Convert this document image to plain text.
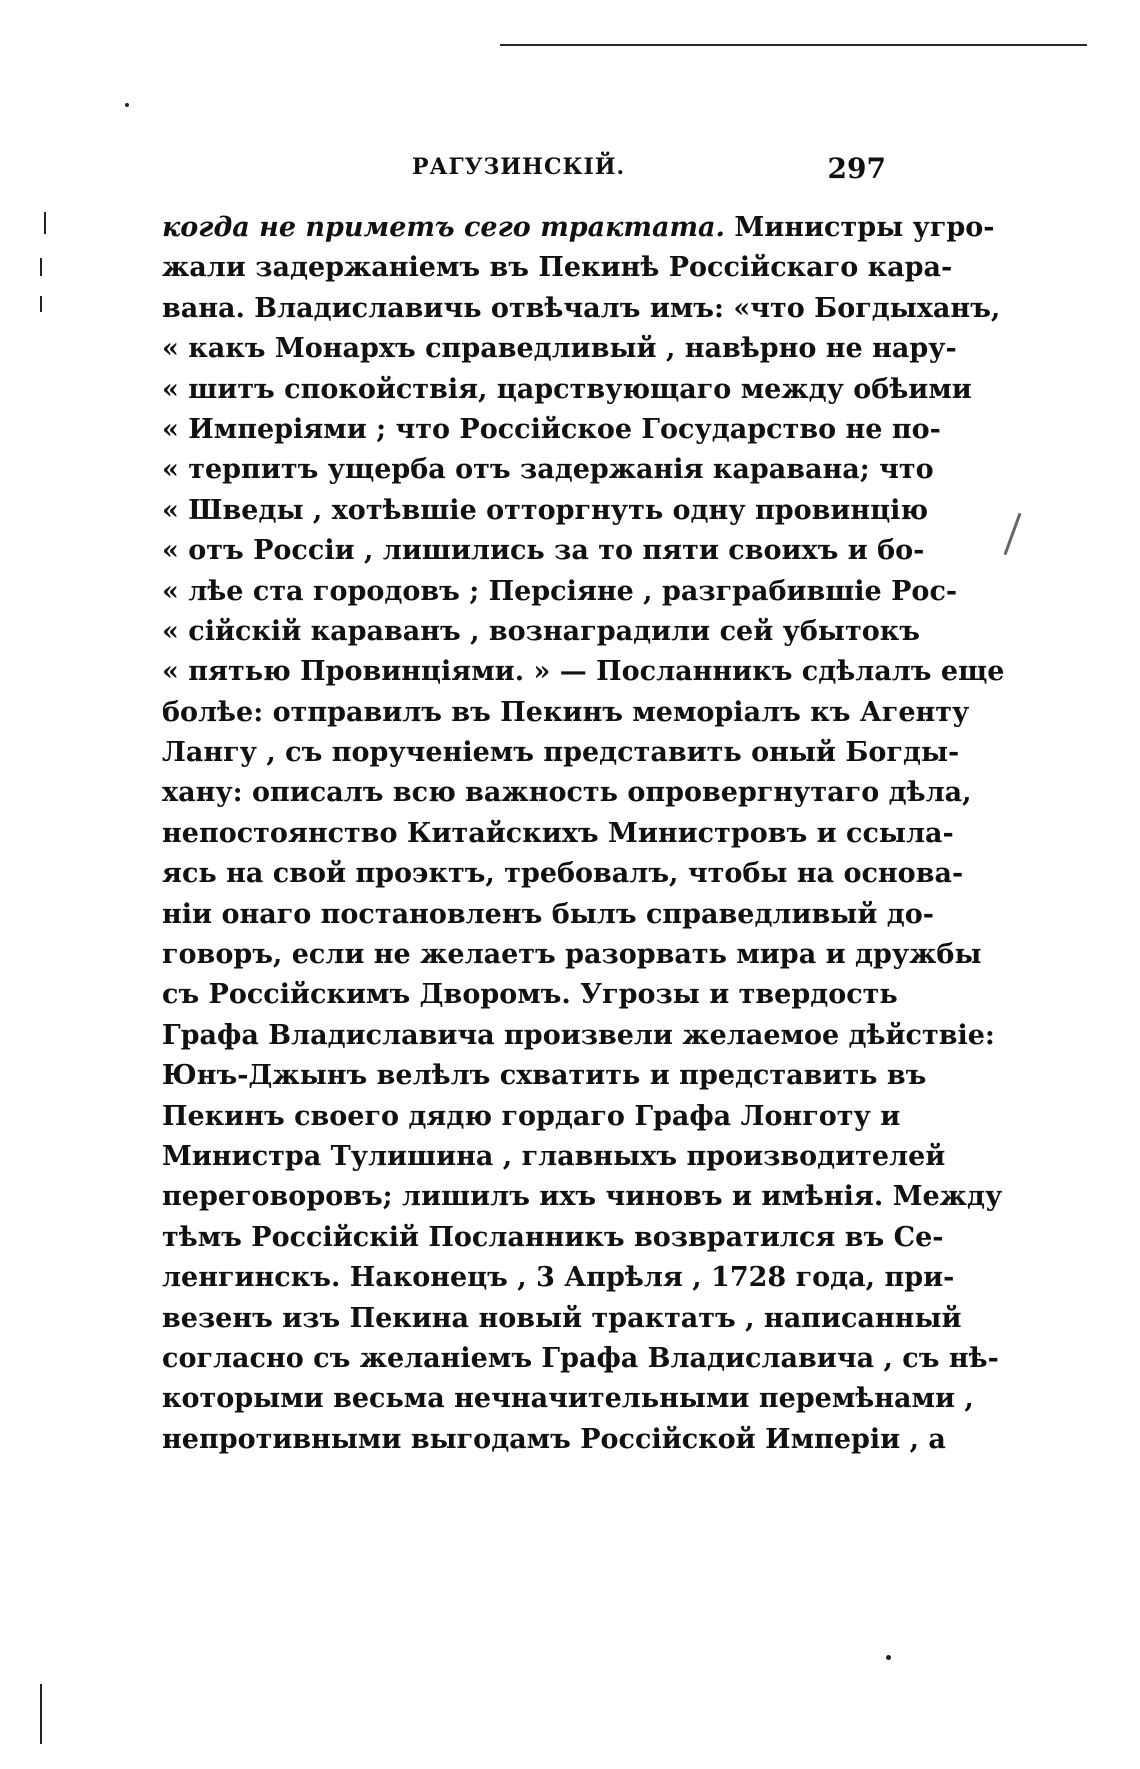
РАГУЗИНСКІЙ.	297
когда не приметъ сего трактата. Министры угро-
жали задержаніемъ въ Пекинѣ Россійскаго кара-
вана. Владиславичь отвѣчалъ имъ: «что Богдыханъ,
« какъ Монархъ справедливый , навѣрно не нару-
« шитъ спокойствія, царствующаго между обѣими
« Имперіями ; что Россійское Государство не по-
« терпитъ ущерба отъ задержанія каравана; что
« Шведы , хотѣвшіе отторгнуть одну провинцію
« отъ Россіи , лишились за то пяти своихъ и бо-
« лѣе ста городовъ ; Персіяне , разграбившіе Рос-
« сійскій караванъ , вознаградили сей убытокъ
« пятью Провинціями. » — Посланникъ сдѣлалъ еще
болѣе: отправилъ въ Пекинъ меморіалъ къ Агенту
Лангу , съ порученіемъ представить оный Богды-
хану: описалъ всю важность опровергнутаго дѣла,
непостоянство Китайскихъ Министровъ и ссыла-
ясь на свой проэктъ, требовалъ, чтобы на основа-
ніи онаго постановленъ былъ справедливый до-
говоръ, если не желаетъ разорвать мира и дружбы
съ Россійскимъ Дворомъ. Угрозы и твердость
Графа Владиславича произвели желаемое дѣйствіе:
Юнъ-Джынъ велѣлъ схватить и представить въ
Пекинъ своего дядю гордаго Графа Лонготу и
Министра Тулишина , главныхъ производителей
переговоровъ; лишилъ ихъ чиновъ и имѣнія. Между
тѣмъ Россійскій Посланникъ возвратился въ Се-
ленгинскъ. Наконецъ , 3 Апрѣля , 1728 года, при-
везенъ изъ Пекина новый трактатъ , написанный
согласно съ желаніемъ Графа Владиславича , съ нѣ-
которыми весьма нечначительными перемѣнами ,
непротивными выгодамъ Россійской Имперіи , а
